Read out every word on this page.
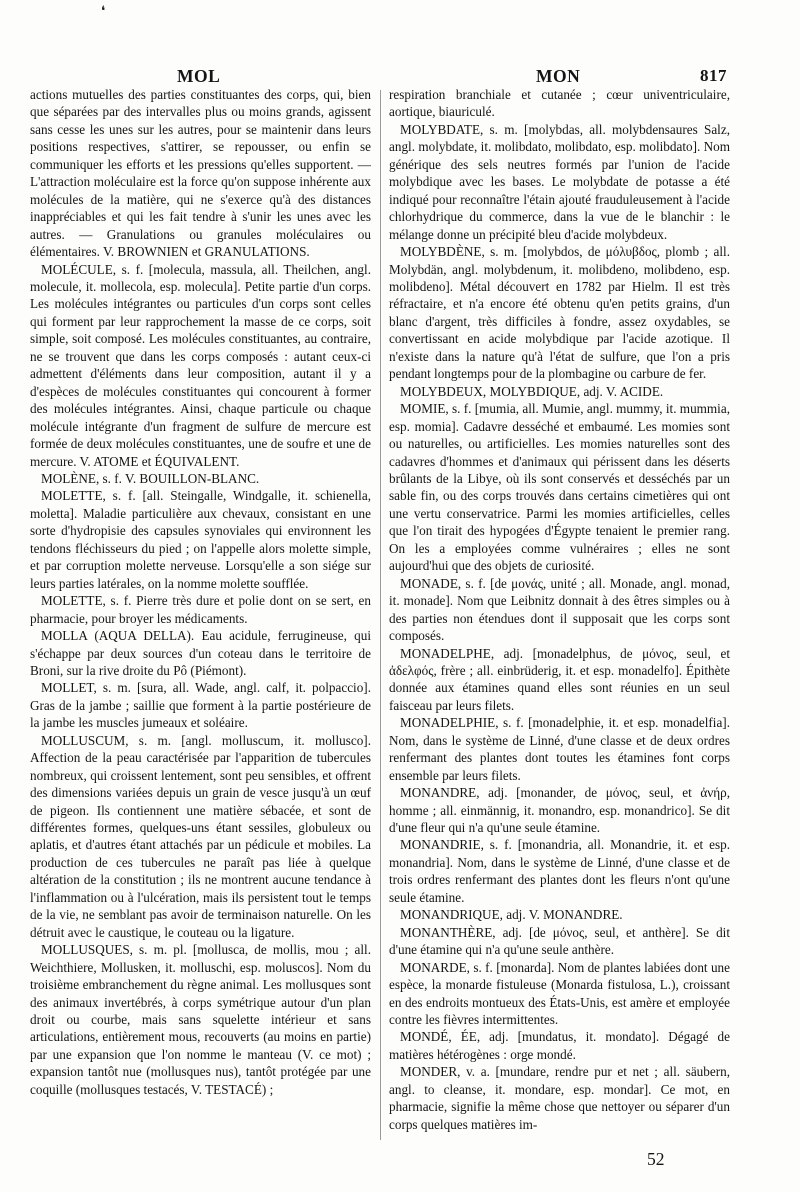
❛
MOL	MON	817

actions mutuelles des parties constituantes des corps, qui, bien que séparées par des intervalles plus ou moins grands, agissent sans cesse les unes sur les autres, pour se maintenir dans leurs positions respectives, s'attirer, se repousser, ou enfin se communiquer les efforts et les pressions qu'elles supportent. — L'attraction moléculaire est la force qu'on suppose inhérente aux molécules de la matière, qui ne s'exerce qu'à des distances inappréciables et qui les fait tendre à s'unir les unes avec les autres. — Granulations ou granules moléculaires ou élémentaires. V. BROWNIEN et GRANULATIONS.

MOLÉCULE, s. f. [molecula, massula, all. Theilchen, angl. molecule, it. mollecola, esp. molecula]. Petite partie d'un corps. Les molécules intégrantes ou particules d'un corps sont celles qui forment par leur rapprochement la masse de ce corps, soit simple, soit composé. Les molécules constituantes, au contraire, ne se trouvent que dans les corps composés : autant ceux-ci admettent d'éléments dans leur composition, autant il y a d'espèces de molécules constituantes qui concourent à former des molécules intégrantes. Ainsi, chaque particule ou chaque molécule intégrante d'un fragment de sulfure de mercure est formée de deux molécules constituantes, une de soufre et une de mercure. V. ATOME et ÉQUIVALENT.

MOLÈNE, s. f. V. BOUILLON-BLANC.

MOLETTE, s. f. [all. Steingalle, Windgalle, it. schienella, moletta]. Maladie particulière aux chevaux, consistant en une sorte d'hydropisie des capsules synoviales qui environnent les tendons fléchisseurs du pied ; on l'appelle alors molette simple, et par corruption molette nerveuse. Lorsqu'elle a son siége sur leurs parties latérales, on la nomme molette soufflée.

MOLETTE, s. f. Pierre très dure et polie dont on se sert, en pharmacie, pour broyer les médicaments.

MOLLA (AQUA DELLA). Eau acidule, ferrugineuse, qui s'échappe par deux sources d'un coteau dans le territoire de Broni, sur la rive droite du Pô (Piémont).

MOLLET, s. m. [sura, all. Wade, angl. calf, it. polpaccio]. Gras de la jambe ; saillie que forment à la partie postérieure de la jambe les muscles jumeaux et soléaire.

MOLLUSCUM, s. m. [angl. molluscum, it. mollusco]. Affection de la peau caractérisée par l'apparition de tubercules nombreux, qui croissent lentement, sont peu sensibles, et offrent des dimensions variées depuis un grain de vesce jusqu'à un œuf de pigeon. Ils contiennent une matière sébacée, et sont de différentes formes, quelques-uns étant sessiles, globuleux ou aplatis, et d'autres étant attachés par un pédicule et mobiles. La production de ces tubercules ne paraît pas liée à quelque altération de la constitution ; ils ne montrent aucune tendance à l'inflammation ou à l'ulcération, mais ils persistent tout le temps de la vie, ne semblant pas avoir de terminaison naturelle. On les détruit avec le caustique, le couteau ou la ligature.

MOLLUSQUES, s. m. pl. [mollusca, de mollis, mou ; all. Weichthiere, Mollusken, it. molluschi, esp. moluscos]. Nom du troisième embranchement du règne animal. Les mollusques sont des animaux invertébrés, à corps symétrique autour d'un plan droit ou courbe, mais sans squelette intérieur et sans articulations, entièrement mous, recouverts (au moins en partie) par une expansion que l'on nomme le manteau (V. ce mot) ; expansion tantôt nue (mollusques nus), tantôt protégée par une coquille (mollusques testacés, V. TESTACÉ) ;

respiration branchiale et cutanée ; cœur univentriculaire, aortique, biauriculé.

MOLYBDATE, s. m. [molybdas, all. molybdensaures Salz, angl. molybdate, it. molibdato, molibdato, esp. molibdato]. Nom générique des sels neutres formés par l'union de l'acide molybdique avec les bases. Le molybdate de potasse a été indiqué pour reconnaître l'étain ajouté frauduleusement à l'acide chlorhydrique du commerce, dans la vue de le blanchir : le mélange donne un précipité bleu d'acide molybdeux.

MOLYBDÈNE, s. m. [molybdos, de μόλυβδος, plomb ; all. Molybdän, angl. molybdenum, it. molibdeno, molibdeno, esp. molibdeno]. Métal découvert en 1782 par Hielm. Il est très réfractaire, et n'a encore été obtenu qu'en petits grains, d'un blanc d'argent, très difficiles à fondre, assez oxydables, se convertissant en acide molybdique par l'acide azotique. Il n'existe dans la nature qu'à l'état de sulfure, que l'on a pris pendant longtemps pour de la plombagine ou carbure de fer.

MOLYBDEUX, MOLYBDIQUE, adj. V. ACIDE.

MOMIE, s. f. [mumia, all. Mumie, angl. mummy, it. mummia, esp. momia]. Cadavre desséché et embaumé. Les momies sont ou naturelles, ou artificielles. Les momies naturelles sont des cadavres d'hommes et d'animaux qui périssent dans les déserts brûlants de la Libye, où ils sont conservés et desséchés par un sable fin, ou des corps trouvés dans certains cimetières qui ont une vertu conservatrice. Parmi les momies artificielles, celles que l'on tirait des hypogées d'Égypte tenaient le premier rang. On les a employées comme vulnéraires ; elles ne sont aujourd'hui que des objets de curiosité.

MONADE, s. f. [de μονάς, unité ; all. Monade, angl. monad, it. monade]. Nom que Leibnitz donnait à des êtres simples ou à des parties non étendues dont il supposait que les corps sont composés.

MONADELPHE, adj. [monadelphus, de μόνος, seul, et ἀδελφός, frère ; all. einbrüderig, it. et esp. monadelfo]. Épithète donnée aux étamines quand elles sont réunies en un seul faisceau par leurs filets.

MONADELPHIE, s. f. [monadelphie, it. et esp. monadelfia]. Nom, dans le système de Linné, d'une classe et de deux ordres renfermant des plantes dont toutes les étamines font corps ensemble par leurs filets.

MONANDRE, adj. [monander, de μόνος, seul, et ἀνήρ, homme ; all. einmännig, it. monandro, esp. monandrico]. Se dit d'une fleur qui n'a qu'une seule étamine.

MONANDRIE, s. f. [monandria, all. Monandrie, it. et esp. monandria]. Nom, dans le système de Linné, d'une classe et de trois ordres renfermant des plantes dont les fleurs n'ont qu'une seule étamine.

MONANDRIQUE, adj. V. MONANDRE.

MONANTHÈRE, adj. [de μόνος, seul, et anthère]. Se dit d'une étamine qui n'a qu'une seule anthère.

MONARDE, s. f. [monarda]. Nom de plantes labiées dont une espèce, la monarde fistuleuse (Monarda fistulosa, L.), croissant en des endroits montueux des États-Unis, est amère et employée contre les fièvres intermittentes.

MONDÉ, ÉE, adj. [mundatus, it. mondato]. Dégagé de matières hétérogènes : orge mondé.

MONDER, v. a. [mundare, rendre pur et net ; all. säubern, angl. to cleanse, it. mondare, esp. mondar]. Ce mot, en pharmacie, signifie la même chose que nettoyer ou séparer d'un corps quelques matières im-

52
